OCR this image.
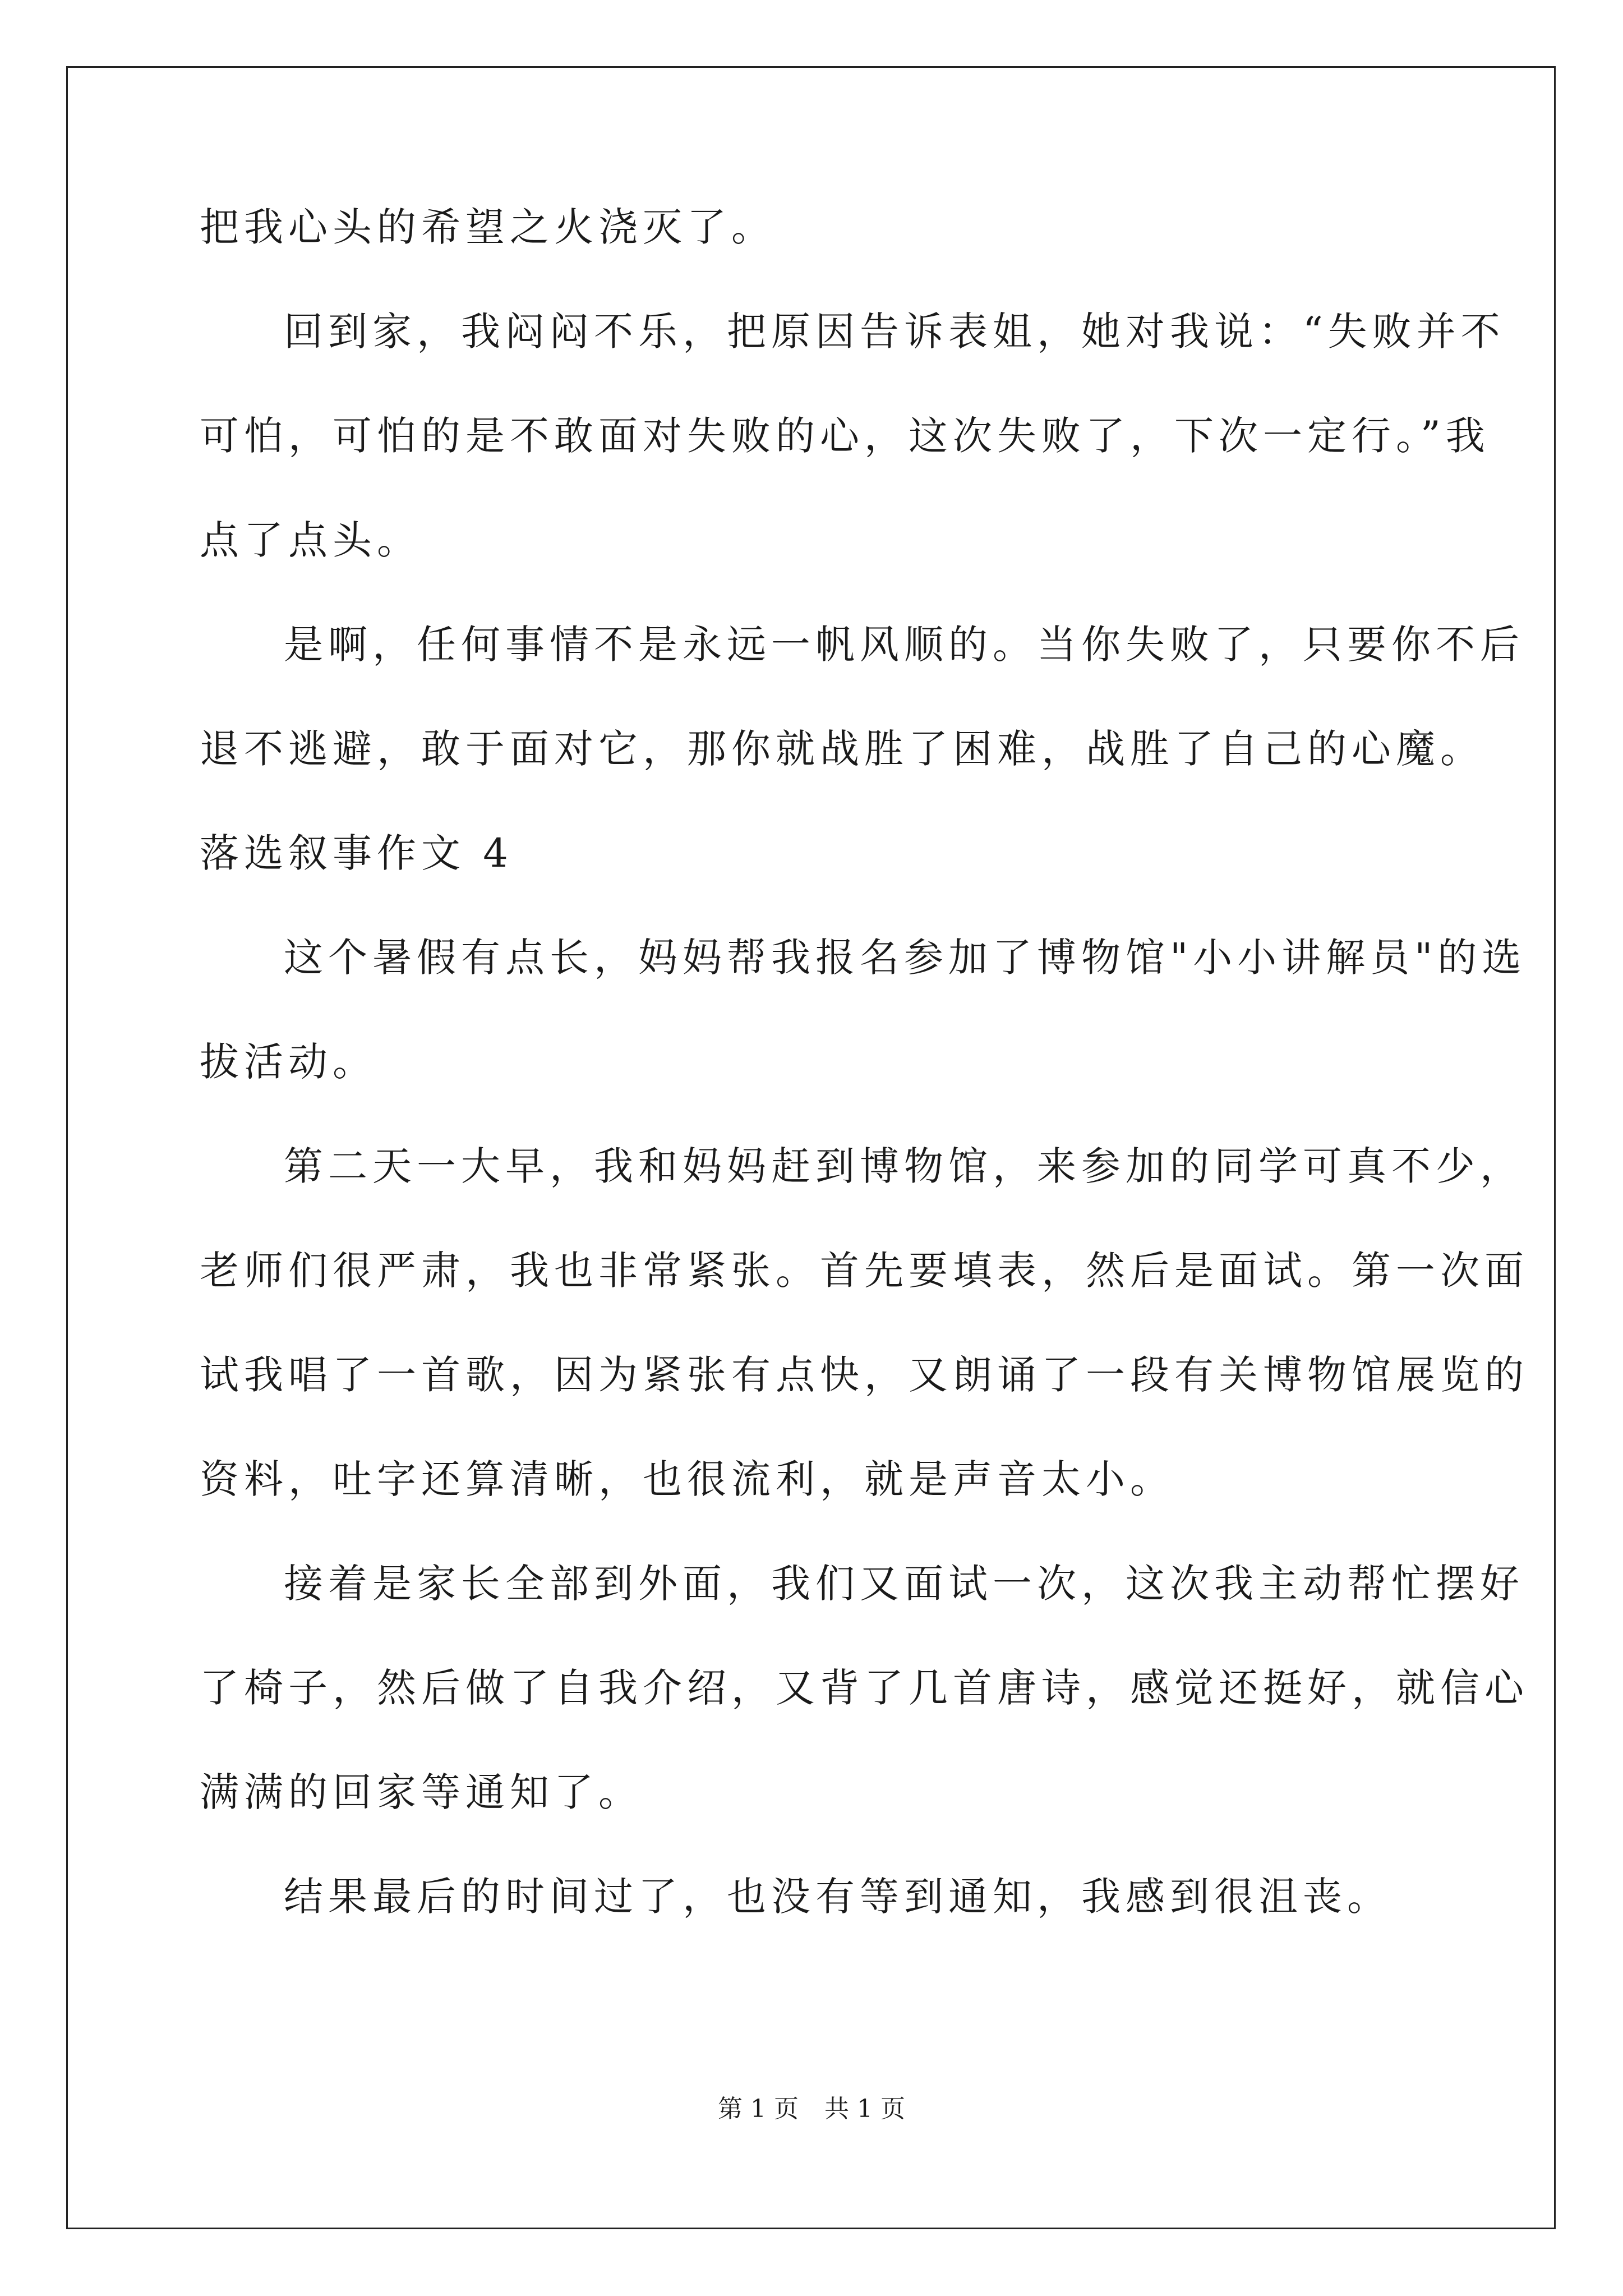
把我心头的希望之火浇灭了。
回到家，我闷闷不乐，把原因告诉表姐，她对我说：“失败并不
可怕，可怕的是不敢面对失败的心，这次失败了，下次一定行。”我
点了点头。
是啊，任何事情不是永远一帆风顺的。当你失败了，只要你不后
退不逃避，敢于面对它，那你就战胜了困难，战胜了自己的心魔。
落选叙事作文 4
这个暑假有点长，妈妈帮我报名参加了博物馆"小小讲解员"的选
拔活动。
第二天一大早，我和妈妈赶到博物馆，来参加的同学可真不少，
老师们很严肃，我也非常紧张。首先要填表，然后是面试。第一次面
试我唱了一首歌，因为紧张有点快，又朗诵了一段有关博物馆展览的
资料，吐字还算清晰，也很流利，就是声音太小。
接着是家长全部到外面，我们又面试一次，这次我主动帮忙摆好
了椅子，然后做了自我介绍，又背了几首唐诗，感觉还挺好，就信心
满满的回家等通知了。
结果最后的时间过了，也没有等到通知，我感到很沮丧。
第 1 页 共 1 页
